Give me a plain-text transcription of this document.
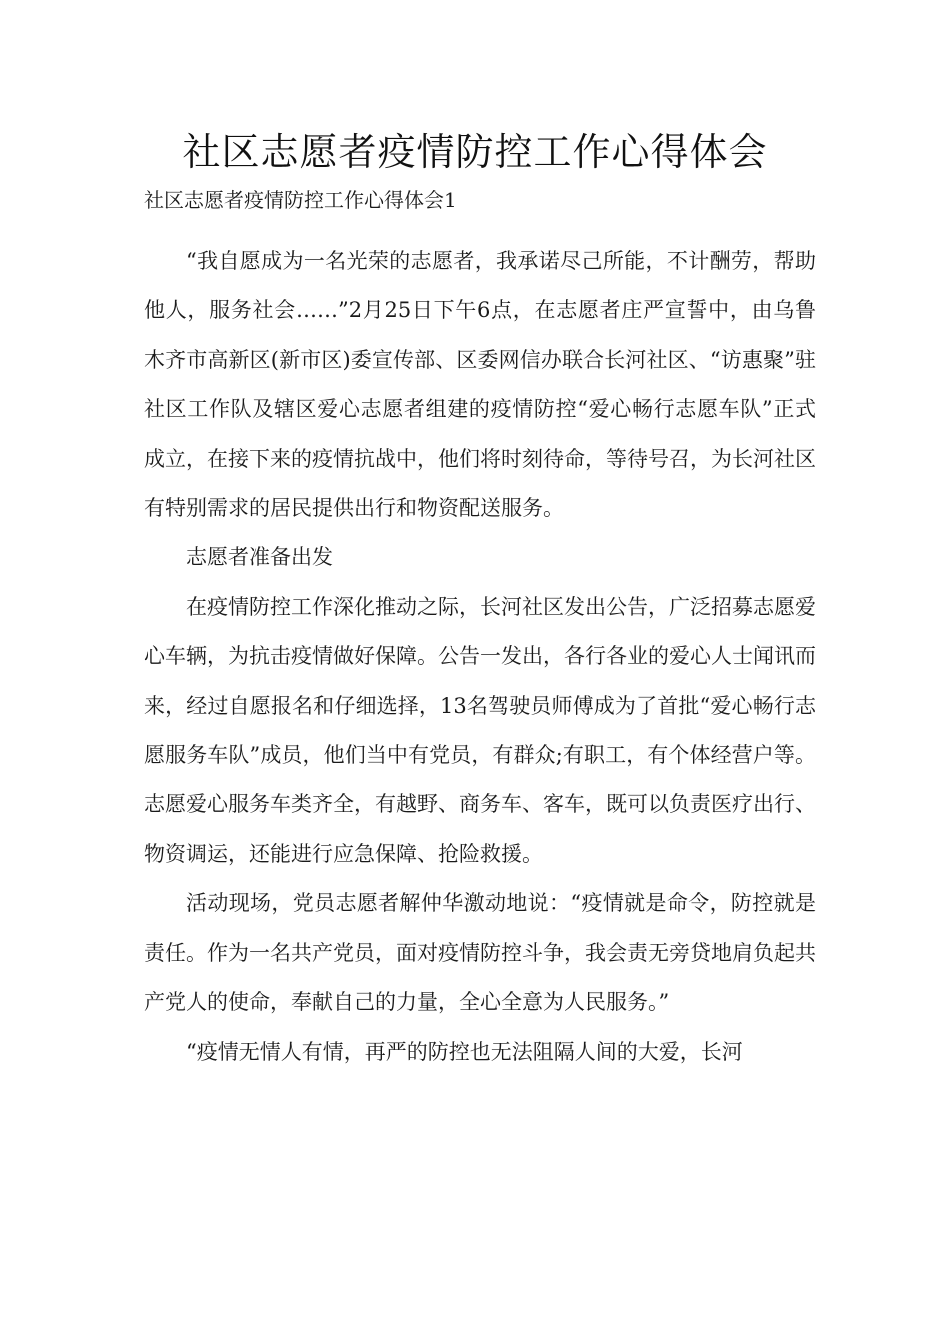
社区志愿者疫情防控工作心得体会

社区志愿者疫情防控工作心得体会1

“我自愿成为一名光荣的志愿者，我承诺尽己所能，不计酬劳，帮助他人，服务社会……”2月25日下午6点，在志愿者庄严宣誓中，由乌鲁木齐市高新区(新市区)委宣传部、区委网信办联合长河社区、“访惠聚”驻社区工作队及辖区爱心志愿者组建的疫情防控“爱心畅行志愿车队”正式成立，在接下来的疫情抗战中，他们将时刻待命，等待号召，为长河社区有特别需求的居民提供出行和物资配送服务。

志愿者准备出发

在疫情防控工作深化推动之际，长河社区发出公告，广泛招募志愿爱心车辆，为抗击疫情做好保障。公告一发出，各行各业的爱心人士闻讯而来，经过自愿报名和仔细选择，13名驾驶员师傅成为了首批“爱心畅行志愿服务车队”成员，他们当中有党员，有群众;有职工，有个体经营户等。志愿爱心服务车类齐全，有越野、商务车、客车，既可以负责医疗出行、物资调运，还能进行应急保障、抢险救援。

活动现场，党员志愿者解仲华激动地说：“疫情就是命令，防控就是责任。作为一名共产党员，面对疫情防控斗争，我会责无旁贷地肩负起共产党人的使命，奉献自己的力量，全心全意为人民服务。”

“疫情无情人有情，再严的防控也无法阻隔人间的大爱，长河
